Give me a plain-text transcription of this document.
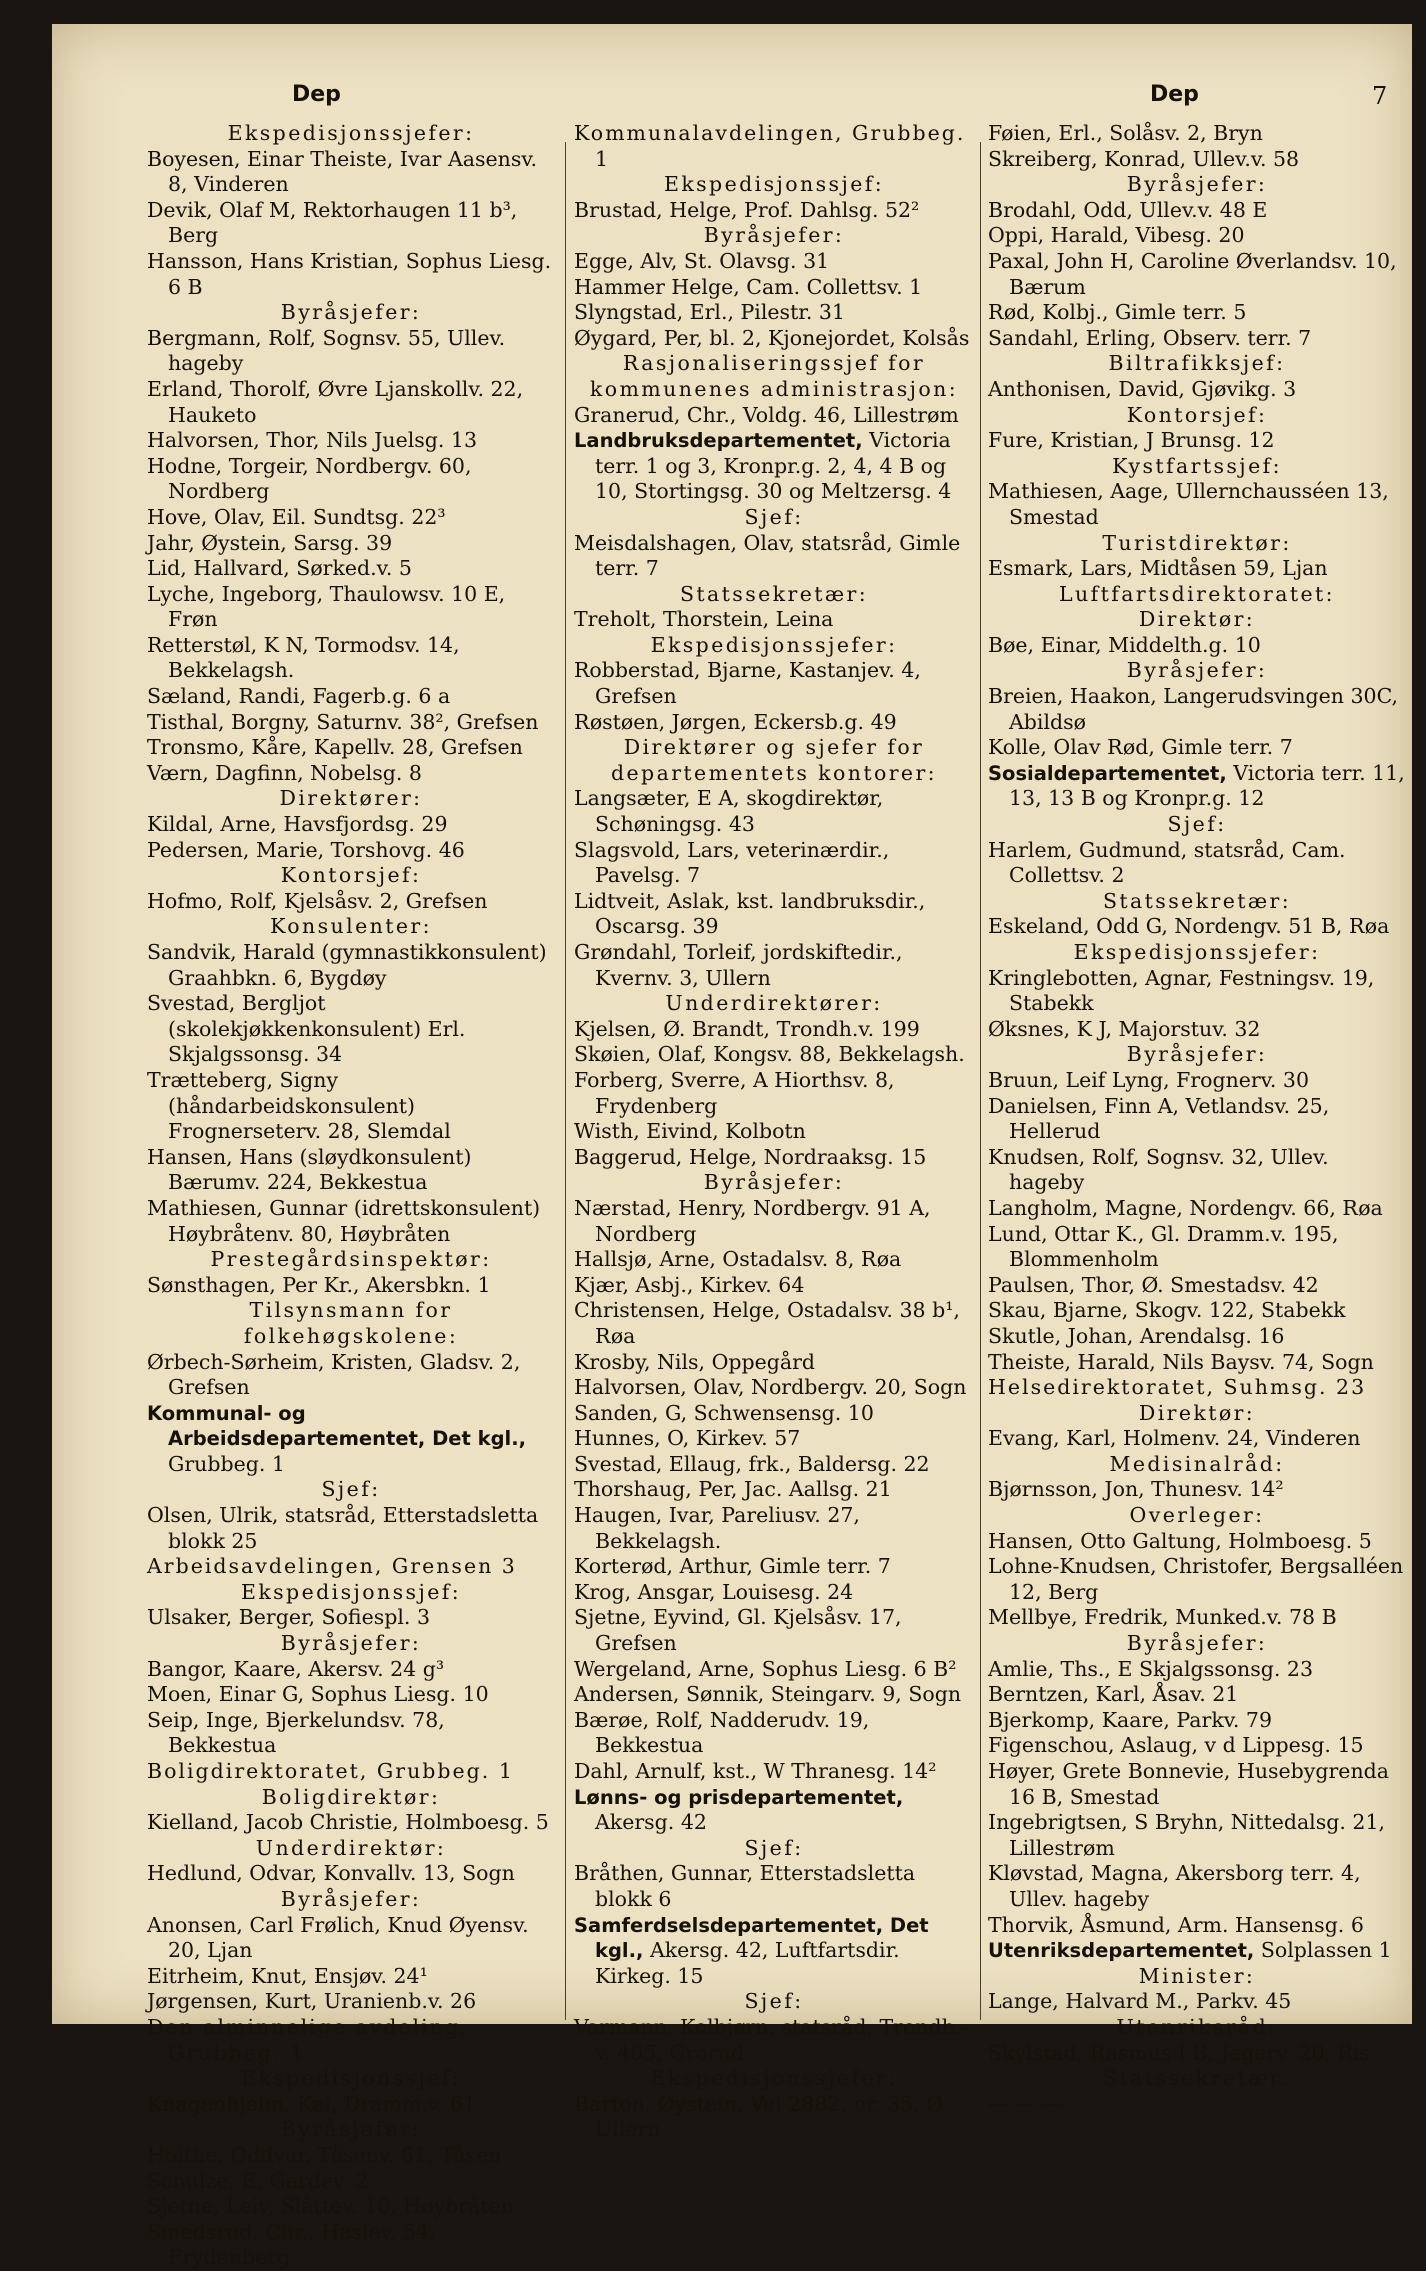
Dep	Dep	7

Ekspedisjonssjefer:

Boyesen, Einar Theiste, Ivar Aasensv. 8, Vinderen

Devik, Olaf M, Rektorhaugen 11 b³, Berg

Hansson, Hans Kristian, Sophus Liesg. 6 B

Byråsjefer:

Bergmann, Rolf, Sognsv. 55, Ullev. hageby

Erland, Thorolf, Øvre Ljanskollv. 22, Hauketo

Halvorsen, Thor, Nils Juelsg. 13

Hodne, Torgeir, Nordbergv. 60, Nordberg

Hove, Olav, Eil. Sundtsg. 22³

Jahr, Øystein, Sarsg. 39

Lid, Hallvard, Sørked.v. 5

Lyche, Ingeborg, Thaulowsv. 10 E, Frøn

Retterstøl, K N, Tormodsv. 14, Bekkelagsh.

Sæland, Randi, Fagerb.g. 6 a

Tisthal, Borgny, Saturnv. 38², Grefsen

Tronsmo, Kåre, Kapellv. 28, Grefsen

Værn, Dagfinn, Nobelsg. 8

Direktører:

Kildal, Arne, Havsfjordsg. 29

Pedersen, Marie, Torshovg. 46

Kontorsjef:

Hofmo, Rolf, Kjelsåsv. 2, Grefsen

Konsulenter:

Sandvik, Harald (gymnastikkonsulent) Graahbkn. 6, Bygdøy

Svestad, Bergljot (skolekjøkkenkonsulent) Erl. Skjalgssonsg. 34

Trætteberg, Signy (håndarbeidskonsulent) Frognerseterv. 28, Slemdal

Hansen, Hans (sløydkonsulent) Bærumv. 224, Bekkestua

Mathiesen, Gunnar (idrettskonsulent) Høybråtenv. 80, Høybråten

Prestegårdsinspektør:

Sønsthagen, Per Kr., Akersbkn. 1

Tilsynsmann for

folkehøgskolene:

Ørbech-Sørheim, Kristen, Gladsv. 2, Grefsen

Kommunal- og Arbeidsdepartementet, Det kgl., Grubbeg. 1

Sjef:

Olsen, Ulrik, statsråd, Etterstadsletta blokk 25

Arbeidsavdelingen, Grensen 3

Ekspedisjonssjef:

Ulsaker, Berger, Sofiespl. 3

Byråsjefer:

Bangor, Kaare, Akersv. 24 g³

Moen, Einar G, Sophus Liesg. 10

Seip, Inge, Bjerkelundsv. 78, Bekkestua

Boligdirektoratet, Grubbeg. 1

Boligdirektør:

Kielland, Jacob Christie, Holmboesg. 5

Underdirektør:

Hedlund, Odvar, Konvallv. 13, Sogn

Byråsjefer:

Anonsen, Carl Frølich, Knud Øyensv. 20, Ljan

Eitrheim, Knut, Ensjøv. 24¹

Jørgensen, Kurt, Uranienb.v. 26

Den alminnelige avdeling, Grubbeg. 1

Ekspedisjonssjef:

Knagenhjelm, Kai, Dramm.v. 61

Byråsjefer:

Holthe, Oddvar, Tåsenv. 61, Tåsen

Schulze, E, Gardev. 2

Sjetne, Leiv, Slåttev. 10, Høybråten

Smedsrud, Chr., Haslev. 54, Frydenberg

Kommunalavdelingen, Grubbeg. 1

Ekspedisjonssjef:

Brustad, Helge, Prof. Dahlsg. 52²

Byråsjefer:

Egge, Alv, St. Olavsg. 31

Hammer Helge, Cam. Collettsv. 1

Slyngstad, Erl., Pilestr. 31

Øygard, Per, bl. 2, Kjonejordet, Kolsås

Rasjonaliseringssjef for

kommunenes administrasjon:

Granerud, Chr., Voldg. 46, Lillestrøm

Landbruksdepartementet, Victoria terr. 1 og 3, Kronpr.g. 2, 4, 4 B og 10, Stortingsg. 30 og Meltzersg. 4

Sjef:

Meisdalshagen, Olav, statsråd, Gimle terr. 7

Statssekretær:

Treholt, Thorstein, Leina

Ekspedisjonssjefer:

Robberstad, Bjarne, Kastanjev. 4, Grefsen

Røstøen, Jørgen, Eckersb.g. 49

Direktører og sjefer for

departementets kontorer:

Langsæter, E A, skogdirektør, Schøningsg. 43

Slagsvold, Lars, veterinærdir., Pavelsg. 7

Lidtveit, Aslak, kst. landbruksdir., Oscarsg. 39

Grøndahl, Torleif, jordskiftedir., Kvernv. 3, Ullern

Underdirektører:

Kjelsen, Ø. Brandt, Trondh.v. 199

Skøien, Olaf, Kongsv. 88, Bekkelagsh.

Forberg, Sverre, A Hiorthsv. 8, Frydenberg

Wisth, Eivind, Kolbotn

Baggerud, Helge, Nordraaksg. 15

Byråsjefer:

Nærstad, Henry, Nordbergv. 91 A, Nordberg

Hallsjø, Arne, Ostadalsv. 8, Røa

Kjær, Asbj., Kirkev. 64

Christensen, Helge, Ostadalsv. 38 b¹, Røa

Krosby, Nils, Oppegård

Halvorsen, Olav, Nordbergv. 20, Sogn

Sanden, G, Schwensensg. 10

Hunnes, O, Kirkev. 57

Svestad, Ellaug, frk., Baldersg. 22

Thorshaug, Per, Jac. Aallsg. 21

Haugen, Ivar, Pareliusv. 27, Bekkelagsh.

Korterød, Arthur, Gimle terr. 7

Krog, Ansgar, Louisesg. 24

Sjetne, Eyvind, Gl. Kjelsåsv. 17, Grefsen

Wergeland, Arne, Sophus Liesg. 6 B²

Andersen, Sønnik, Steingarv. 9, Sogn

Bærøe, Rolf, Nadderudv. 19, Bekkestua

Dahl, Arnulf, kst., W Thranesg. 14²

Lønns- og prisdepartementet, Akersg. 42

Sjef:

Bråthen, Gunnar, Etterstadsletta blokk 6

Samferdselsdepartementet, Det kgl., Akersg. 42, Luftfartsdir. Kirkeg. 15

Sjef:

Varmann, Kolbjørn, statsråd, Trondh.-v. 405, Grorud

Ekspedisjonssjefer:

Barton, Øystein, Vei 2882, nr. 35, Ø Ullern

Føien, Erl., Solåsv. 2, Bryn

Skreiberg, Konrad, Ullev.v. 58

Byråsjefer:

Brodahl, Odd, Ullev.v. 48 E

Oppi, Harald, Vibesg. 20

Paxal, John H, Caroline Øverlandsv. 10, Bærum

Rød, Kolbj., Gimle terr. 5

Sandahl, Erling, Observ. terr. 7

Biltrafikksjef:

Anthonisen, David, Gjøvikg. 3

Kontorsjef:

Fure, Kristian, J Brunsg. 12

Kystfartssjef:

Mathiesen, Aage, Ullernchausséen 13, Smestad

Turistdirektør:

Esmark, Lars, Midtåsen 59, Ljan

Luftfartsdirektoratet:

Direktør:

Bøe, Einar, Middelth.g. 10

Byråsjefer:

Breien, Haakon, Langerudsvingen 30C, Abildsø

Kolle, Olav Rød, Gimle terr. 7

Sosialdepartementet, Victoria terr. 11, 13, 13 B og Kronpr.g. 12

Sjef:

Harlem, Gudmund, statsråd, Cam. Collettsv. 2

Statssekretær:

Eskeland, Odd G, Nordengv. 51 B, Røa

Ekspedisjonssjefer:

Kringlebotten, Agnar, Festningsv. 19, Stabekk

Øksnes, K J, Majorstuv. 32

Byråsjefer:

Bruun, Leif Lyng, Frognerv. 30

Danielsen, Finn A, Vetlandsv. 25, Hellerud

Knudsen, Rolf, Sognsv. 32, Ullev. hageby

Langholm, Magne, Nordengv. 66, Røa

Lund, Ottar K., Gl. Dramm.v. 195, Blommenholm

Paulsen, Thor, Ø. Smestadsv. 42

Skau, Bjarne, Skogv. 122, Stabekk

Skutle, Johan, Arendalsg. 16

Theiste, Harald, Nils Baysv. 74, Sogn

Helsedirektoratet, Suhmsg. 23

Direktør:

Evang, Karl, Holmenv. 24, Vinderen

Medisinalråd:

Bjørnsson, Jon, Thunesv. 14²

Overleger:

Hansen, Otto Galtung, Holmboesg. 5

Lohne-Knudsen, Christofer, Bergsalléen 12, Berg

Mellbye, Fredrik, Munked.v. 78 B

Byråsjefer:

Amlie, Ths., E Skjalgssonsg. 23

Berntzen, Karl, Åsav. 21

Bjerkomp, Kaare, Parkv. 79

Figenschou, Aslaug, v d Lippesg. 15

Høyer, Grete Bonnevie, Husebygrenda 16 B, Smestad

Ingebrigtsen, S Bryhn, Nittedalsg. 21, Lillestrøm

Kløvstad, Magna, Akersborg terr. 4, Ullev. hageby

Thorvik, Åsmund, Arm. Hansensg. 6

Utenriksdepartementet, Solplassen 1

Minister:

Lange, Halvard M., Parkv. 45

Utenriksråd:

Skylstad, Rasmus I B, Jegerv. 20, Ris

Statssekretær:

— — —
